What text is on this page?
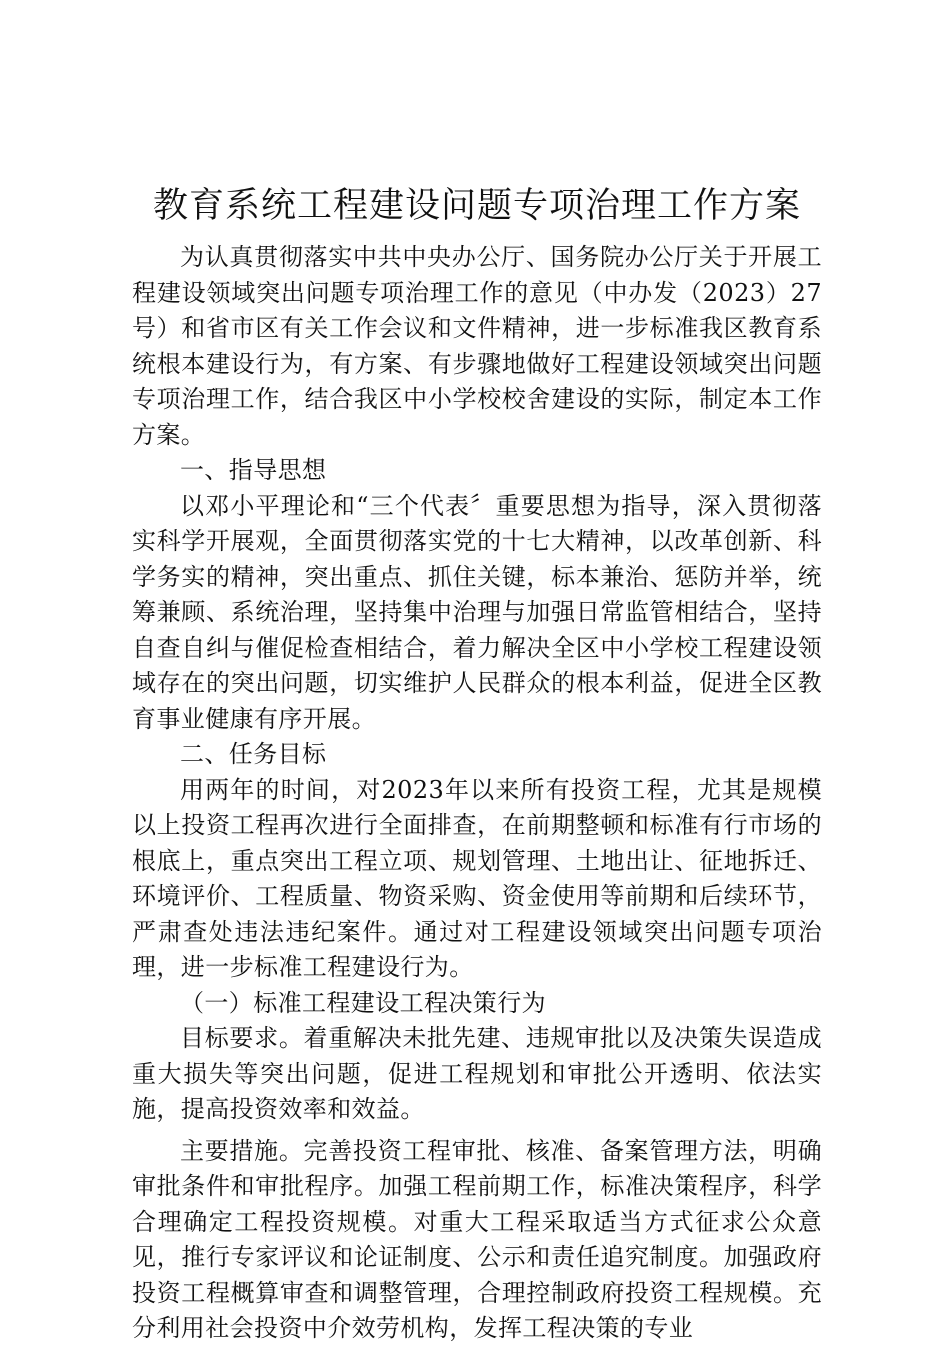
教育系统工程建设问题专项治理工作方案

为认真贯彻落实中共中央办公厅、国务院办公厅关于开展工程建设领域突出问题专项治理工作的意见（中办发（2023）27号）和省市区有关工作会议和文件精神，进一步标准我区教育系统根本建设行为，有方案、有步骤地做好工程建设领域突出问题专项治理工作，结合我区中小学校校舍建设的实际，制定本工作方案。

一、指导思想

以邓小平理论和“三个代表〞重要思想为指导，深入贯彻落实科学开展观，全面贯彻落实党的十七大精神，以改革创新、科学务实的精神，突出重点、抓住关键，标本兼治、惩防并举，统筹兼顾、系统治理，坚持集中治理与加强日常监管相结合，坚持自查自纠与催促检查相结合，着力解决全区中小学校工程建设领域存在的突出问题，切实维护人民群众的根本利益，促进全区教育事业健康有序开展。

二、任务目标

用两年的时间，对2023年以来所有投资工程，尤其是规模以上投资工程再次进行全面排查，在前期整顿和标准有行市场的根底上，重点突出工程立项、规划管理、土地出让、征地拆迁、环境评价、工程质量、物资采购、资金使用等前期和后续环节，严肃查处违法违纪案件。通过对工程建设领域突出问题专项治理，进一步标准工程建设行为。

（一）标准工程建设工程决策行为

目标要求。着重解决未批先建、违规审批以及决策失误造成重大损失等突出问题，促进工程规划和审批公开透明、依法实施，提高投资效率和效益。

主要措施。完善投资工程审批、核准、备案管理方法，明确审批条件和审批程序。加强工程前期工作，标准决策程序，科学合理确定工程投资规模。对重大工程采取适当方式征求公众意见，推行专家评议和论证制度、公示和责任追究制度。加强政府投资工程概算审查和调整管理，合理控制政府投资工程规模。充分利用社会投资中介效劳机构，发挥工程决策的专业
